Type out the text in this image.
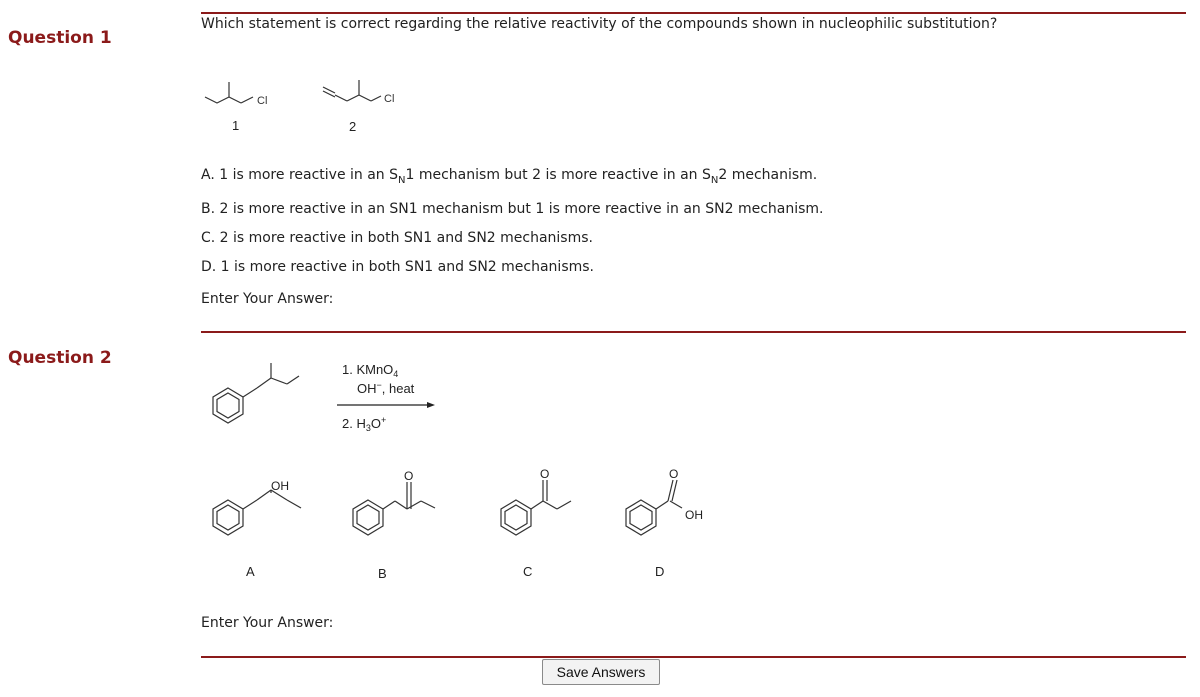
Question 1
Which statement is correct regarding the relative reactivity of the compounds shown in nucleophilic substitution?
Cl
1
Cl
2
A. 1 is more reactive in an $S_N1$ mechanism but 2 is more reactive in an $S_N2$ mechanism.
B. 2 is more reactive in an SN1 mechanism but 1 is more reactive in an SN2 mechanism.
C. 2 is more reactive in both SN1 and SN2 mechanisms.
D. 1 is more reactive in both SN1 and SN2 mechanisms.
Enter Your Answer:
Question 2
1. KMnO$_4$
OH−, heat
2. $H_3O^+$
OH
A
O
B
O
C
O
OH
D
Enter Your Answer:
Save Answers
